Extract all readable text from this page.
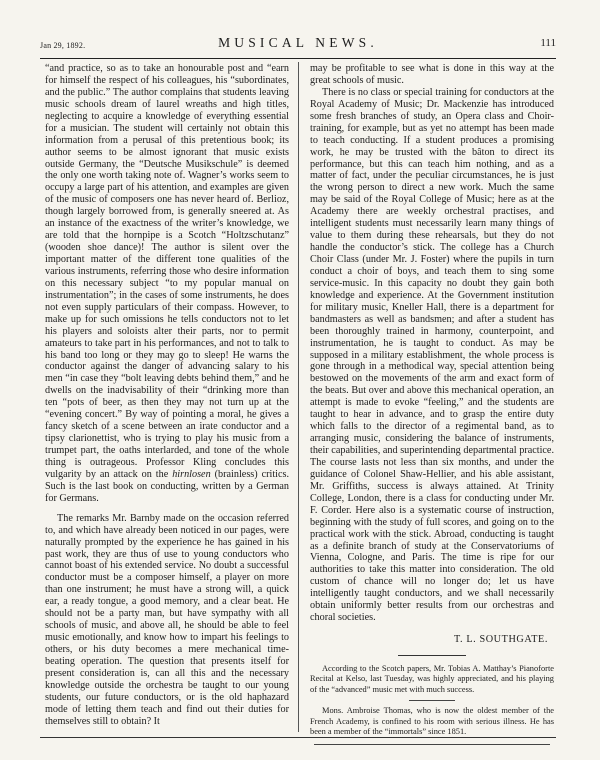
Jan 29, 1892.	MUSICAL NEWS.	111

“and practice, so as to take an honourable post and “earn for himself the respect of his colleagues, his “subordinates, and the public.” The author complains that students leaving music schools dream of laurel wreaths and high titles, neglecting to acquire a knowledge of everything essential for a musician. The student will certainly not obtain this information from a perusal of this pretentious book; its author seems to be almost ignorant that music exists outside Germany, the “Deutsche Musikschule” is deemed the only one worth taking note of. Wagner’s works seem to occupy a large part of his attention, and examples are given of the music of composers one has never heard of. Berlioz, though largely borrowed from, is generally sneered at. As an instance of the exactness of the writer’s knowledge, we are told that the hornpipe is a Scotch “Holtzschutanz” (wooden shoe dance)! The author is silent over the important matter of the different tone qualities of the various instruments, referring those who desire information on this necessary subject “to my popular manual on instrumentation”; in the cases of some instruments, he does not even supply particulars of their compass. However, to make up for such omissions he tells conductors not to let his players and soloists alter their parts, nor to permit amateurs to take part in his performances, and not to talk to his band too long or they may go to sleep! He warns the conductor against the danger of advancing salary to his men “in case they “bolt leaving debts behind them,” and he dwells on the inadvisability of their “drinking more than ten “pots of beer, as then they may not turn up at the “evening concert.” By way of pointing a moral, he gives a fancy sketch of a scene between an irate conductor and a tipsy clarionettist, who is trying to play his music from a trumpet part, the oaths interlarded, and tone of the whole thing is outrageous. Professor Kling concludes this vulgarity by an attack on the hirnlosen (brainless) critics. Such is the last book on conducting, written by a German for Germans.

The remarks Mr. Barnby made on the occasion referred to, and which have already been noticed in our pages, were naturally prompted by the experience he has gained in his past work, they are thus of use to young conductors who cannot boast of his extended service. No doubt a successful conductor must be a composer himself, a player on more than one instrument; he must have a strong will, a quick ear, a ready tongue, a good memory, and a clear beat. He should not be a party man, but have sympathy with all schools of music, and above all, he should be able to feel music emotionally, and know how to impart his feelings to others, or his duty becomes a mere mechanical time-beating operation. The question that presents itself for present consideration is, can all this and the necessary knowledge outside the orchestra be taught to our young students, our future conductors, or is the old haphazard mode of letting them teach and find out their duties for themselves still to obtain? It

may be profitable to see what is done in this way at the great schools of music.

There is no class or special training for conductors at the Royal Academy of Music; Dr. Mackenzie has introduced some fresh branches of study, an Opera class and Choir-training, for example, but as yet no attempt has been made to teach conducting. If a student produces a promising work, he may be trusted with the bâton to direct its performance, but this can teach him nothing, and as a matter of fact, under the peculiar circumstances, he is just the wrong person to direct a new work. Much the same may be said of the Royal College of Music; here as at the Academy there are weekly orchestral practises, and intelligent students must necessarily learn many things of value to them during these rehearsals, but they do not handle the conductor’s stick. The college has a Church Choir Class (under Mr. J. Foster) where the pupils in turn conduct a choir of boys, and teach them to sing some service-music. In this capacity no doubt they gain both knowledge and experience. At the Government institution for military music, Kneller Hall, there is a department for bandmasters as well as bandsmen; and after a student has been thoroughly trained in harmony, counterpoint, and instrumentation, he is taught to conduct. As may be supposed in a military establishment, the whole process is gone through in a methodical way, special attention being bestowed on the movements of the arm and exact form of the beats. But over and above this mechanical operation, an attempt is made to evoke “feeling,” and the students are taught to hear in advance, and to grasp the entire duty which falls to the director of a regimental band, as to arranging music, considering the balance of instruments, their capabilities, and superintending departmental practice. The course lasts not less than six months, and under the guidance of Colonel Shaw-Hellier, and his able assistant, Mr. Griffiths, success is always attained. At Trinity College, London, there is a class for conducting under Mr. F. Corder. Here also is a systematic course of instruction, beginning with the study of full scores, and going on to the practical work with the stick. Abroad, conducting is taught as a definite branch of study at the Conservatoriums of Vienna, Cologne, and Paris. The time is ripe for our authorities to take this matter into consideration. The old custom of chance will no longer do; let us have intelligently taught conductors, and we shall necessarily obtain uniformly better results from our orchestras and choral societies.

T. L. SOUTHGATE.

According to the Scotch papers, Mr. Tobias A. Matthay’s Pianoforte Recital at Kelso, last Tuesday, was highly appreciated, and his playing of the “advanced” music met with much success.

Mons. Ambroise Thomas, who is now the oldest member of the French Academy, is confined to his room with serious illness. He has been a member of the “immortals” since 1851.
